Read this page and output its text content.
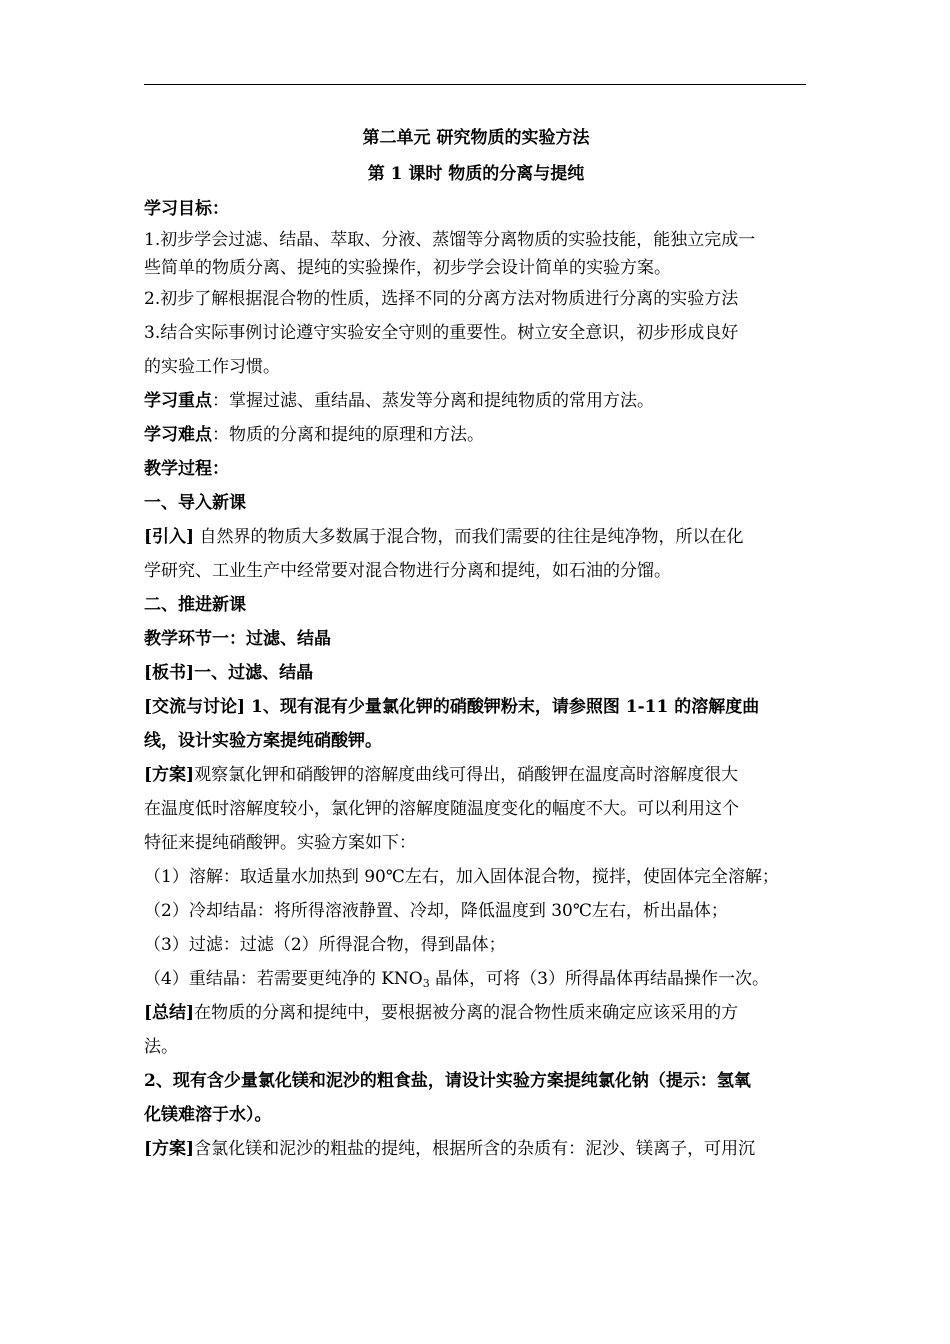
第二单元 研究物质的实验方法
第 1 课时 物质的分离与提纯
学习目标：
1.初步学会过滤、结晶、萃取、分液、蒸馏等分离物质的实验技能，能独立完成一
些简单的物质分离、提纯的实验操作，初步学会设计简单的实验方案。
2.初步了解根据混合物的性质，选择不同的分离方法对物质进行分离的实验方法
3.结合实际事例讨论遵守实验安全守则的重要性。树立安全意识，初步形成良好
的实验工作习惯。
学习重点：掌握过滤、重结晶、蒸发等分离和提纯物质的常用方法。
学习难点：物质的分离和提纯的原理和方法。
教学过程：
一、导入新课
[引入] 自然界的物质大多数属于混合物，而我们需要的往往是纯净物，所以在化
学研究、工业生产中经常要对混合物进行分离和提纯，如石油的分馏。
二、推进新课
教学环节一：过滤、结晶
[板书]一、过滤、结晶
[交流与讨论] 1、现有混有少量氯化钾的硝酸钾粉末，请参照图 1-11 的溶解度曲
线，设计实验方案提纯硝酸钾。
[方案]观察氯化钾和硝酸钾的溶解度曲线可得出，硝酸钾在温度高时溶解度很大
在温度低时溶解度较小，氯化钾的溶解度随温度变化的幅度不大。可以利用这个
特征来提纯硝酸钾。实验方案如下：
（1）溶解：取适量水加热到 90℃左右，加入固体混合物，搅拌，使固体完全溶解；
（2）冷却结晶：将所得溶液静置、冷却，降低温度到 30℃左右，析出晶体；
（3）过滤：过滤（2）所得混合物，得到晶体；
（4）重结晶：若需要更纯净的 $KNO_3$ 晶体，可将（3）所得晶体再结晶操作一次。
[总结]在物质的分离和提纯中，要根据被分离的混合物性质来确定应该采用的方
法。
2、现有含少量氯化镁和泥沙的粗食盐，请设计实验方案提纯氯化钠（提示：氢氧
化镁难溶于水）。
[方案]含氯化镁和泥沙的粗盐的提纯，根据所含的杂质有：泥沙、镁离子，可用沉
